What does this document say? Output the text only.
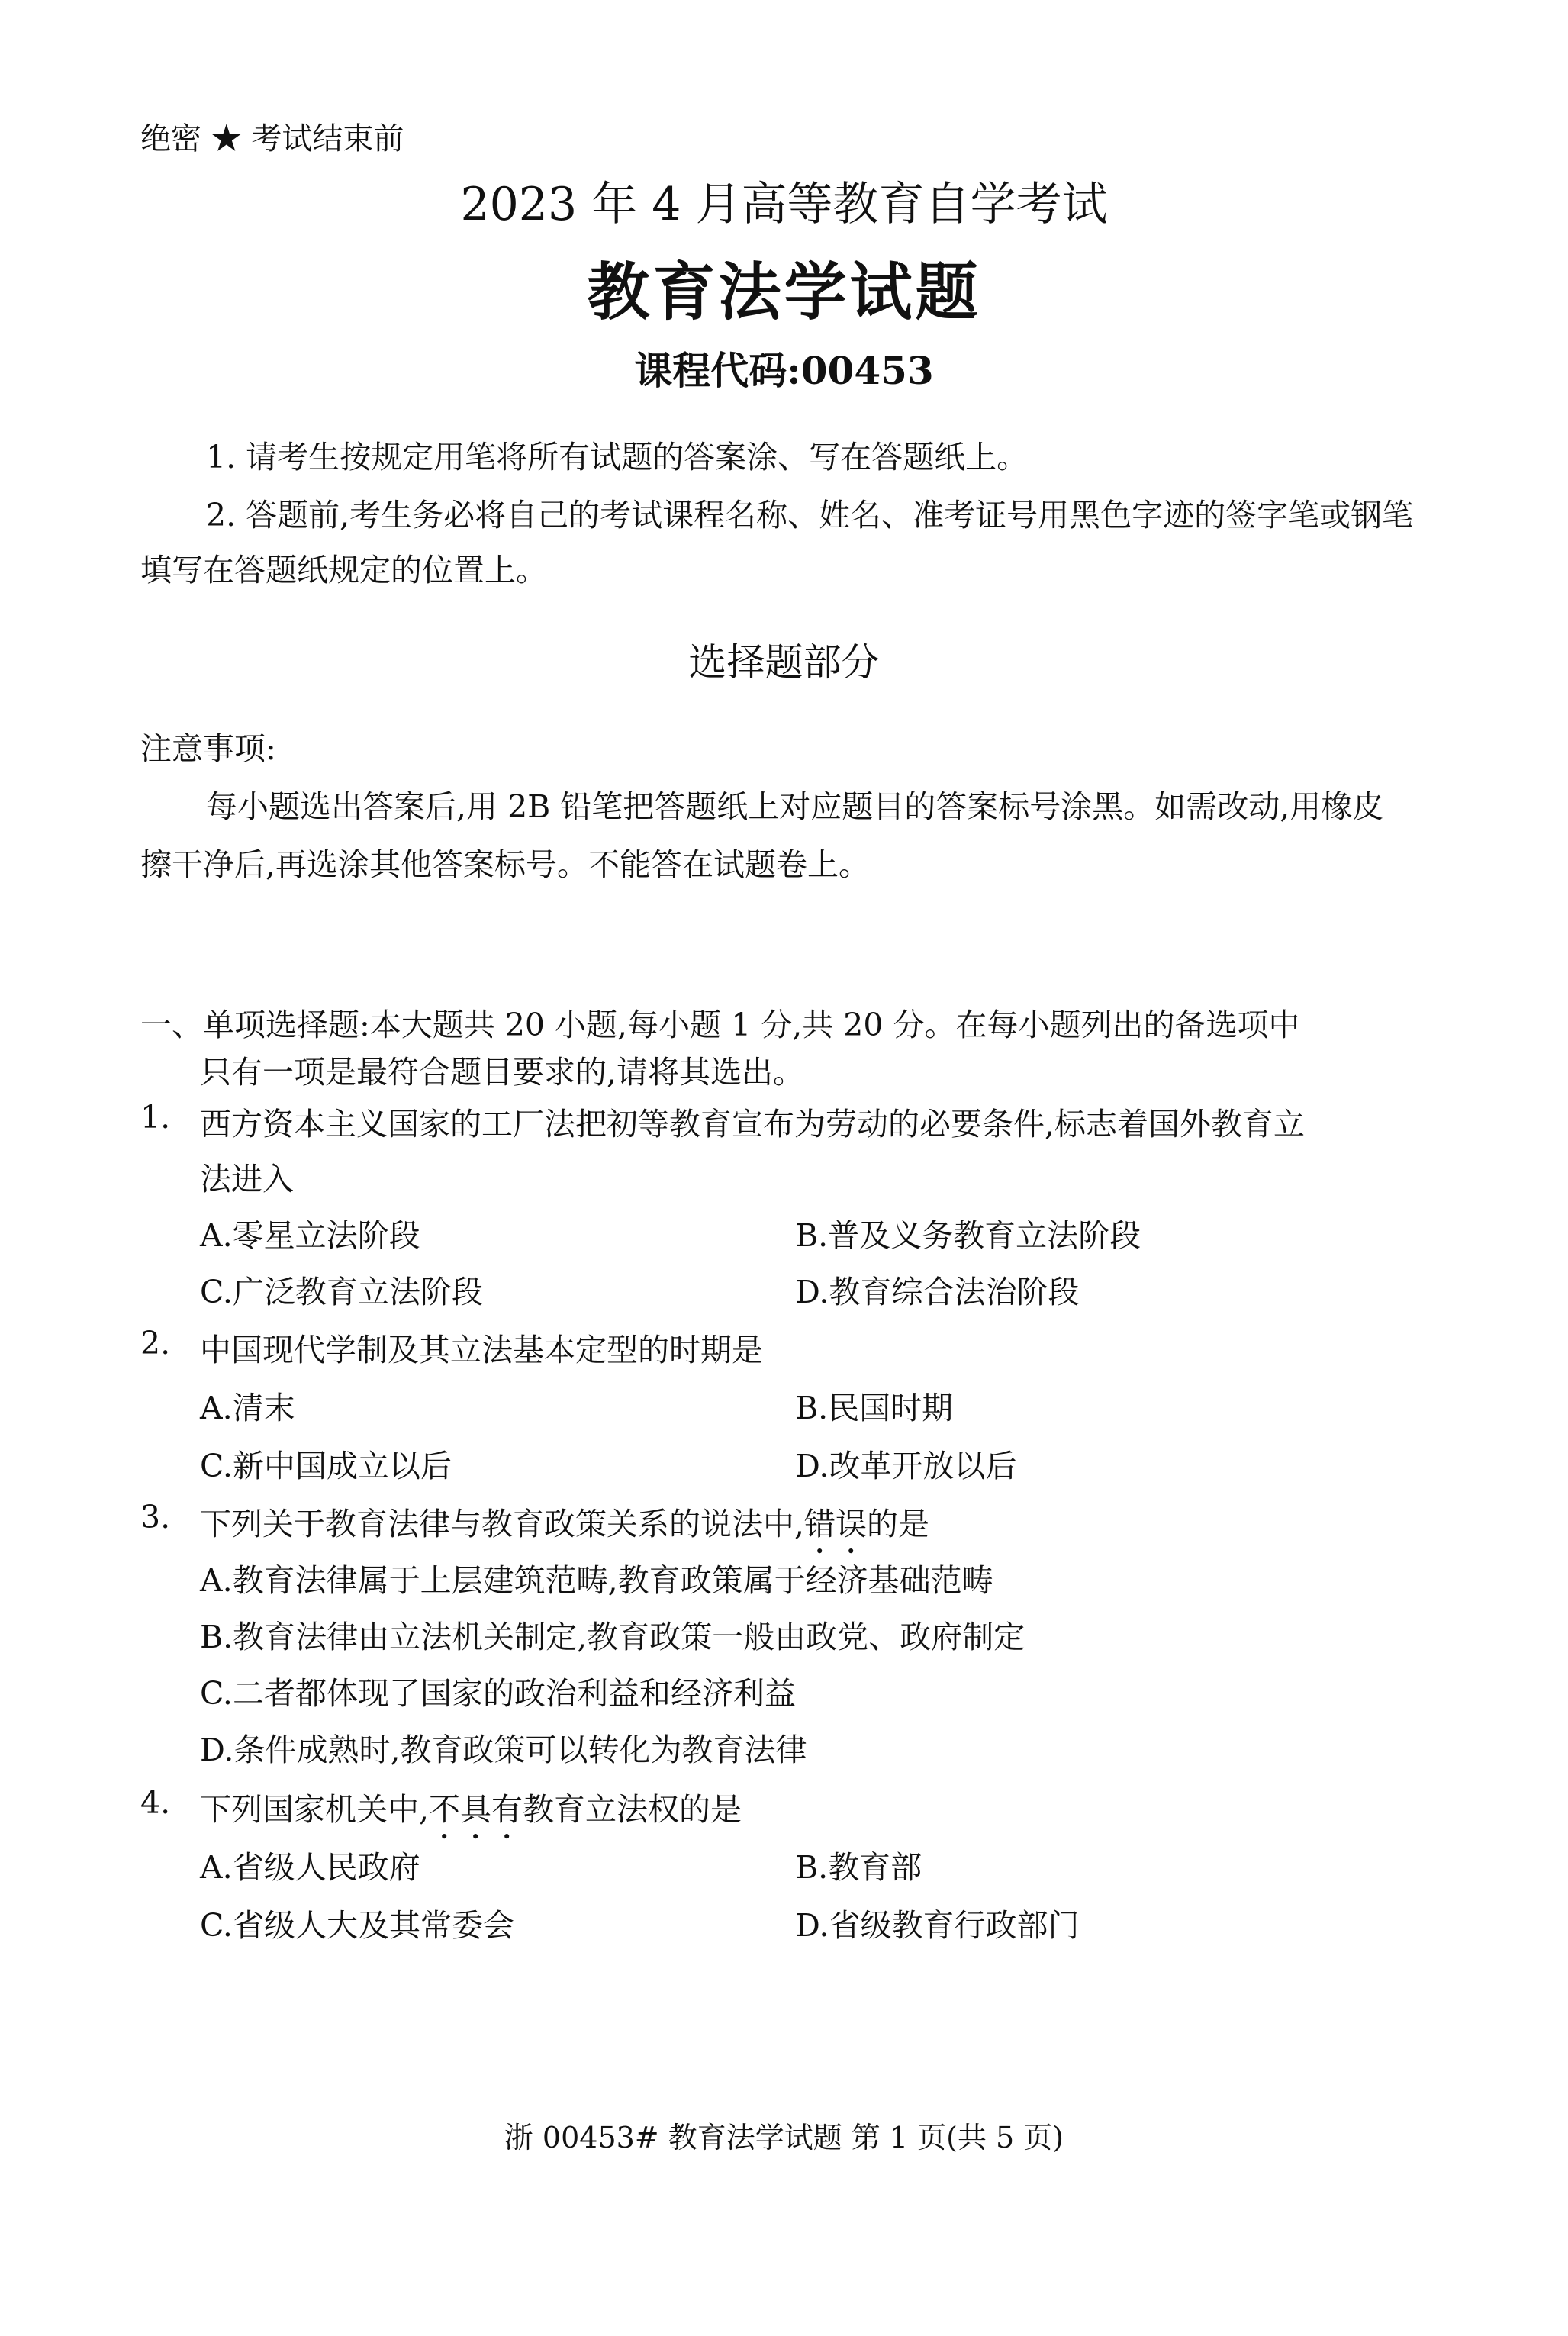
绝密 ★ 考试结束前
2023 年 4 月高等教育自学考试
教育法学试题
课程代码:00453
1. 请考生按规定用笔将所有试题的答案涂、写在答题纸上。
2. 答题前,考生务必将自己的考试课程名称、姓名、准考证号用黑色字迹的签字笔或钢笔
填写在答题纸规定的位置上。
选择题部分
注意事项:
每小题选出答案后,用 2B 铅笔把答题纸上对应题目的答案标号涂黑。如需改动,用橡皮
擦干净后,再选涂其他答案标号。不能答在试题卷上。
一、单项选择题:本大题共 20 小题,每小题 1 分,共 20 分。在每小题列出的备选项中
只有一项是最符合题目要求的,请将其选出。
1. 西方资本主义国家的工厂法把初等教育宣布为劳动的必要条件,标志着国外教育立
法进入
A.零星立法阶段	B.普及义务教育立法阶段
C.广泛教育立法阶段	D.教育综合法治阶段
2. 中国现代学制及其立法基本定型的时期是
A.清末	B.民国时期
C.新中国成立以后	D.改革开放以后
3. 下列关于教育法律与教育政策关系的说法中,错误的是
A.教育法律属于上层建筑范畴,教育政策属于经济基础范畴
B.教育法律由立法机关制定,教育政策一般由政党、政府制定
C.二者都体现了国家的政治利益和经济利益
D.条件成熟时,教育政策可以转化为教育法律
4. 下列国家机关中,不具有教育立法权的是
A.省级人民政府	B.教育部
C.省级人大及其常委会	D.省级教育行政部门
浙 00453# 教育法学试题 第 1 页(共 5 页)
